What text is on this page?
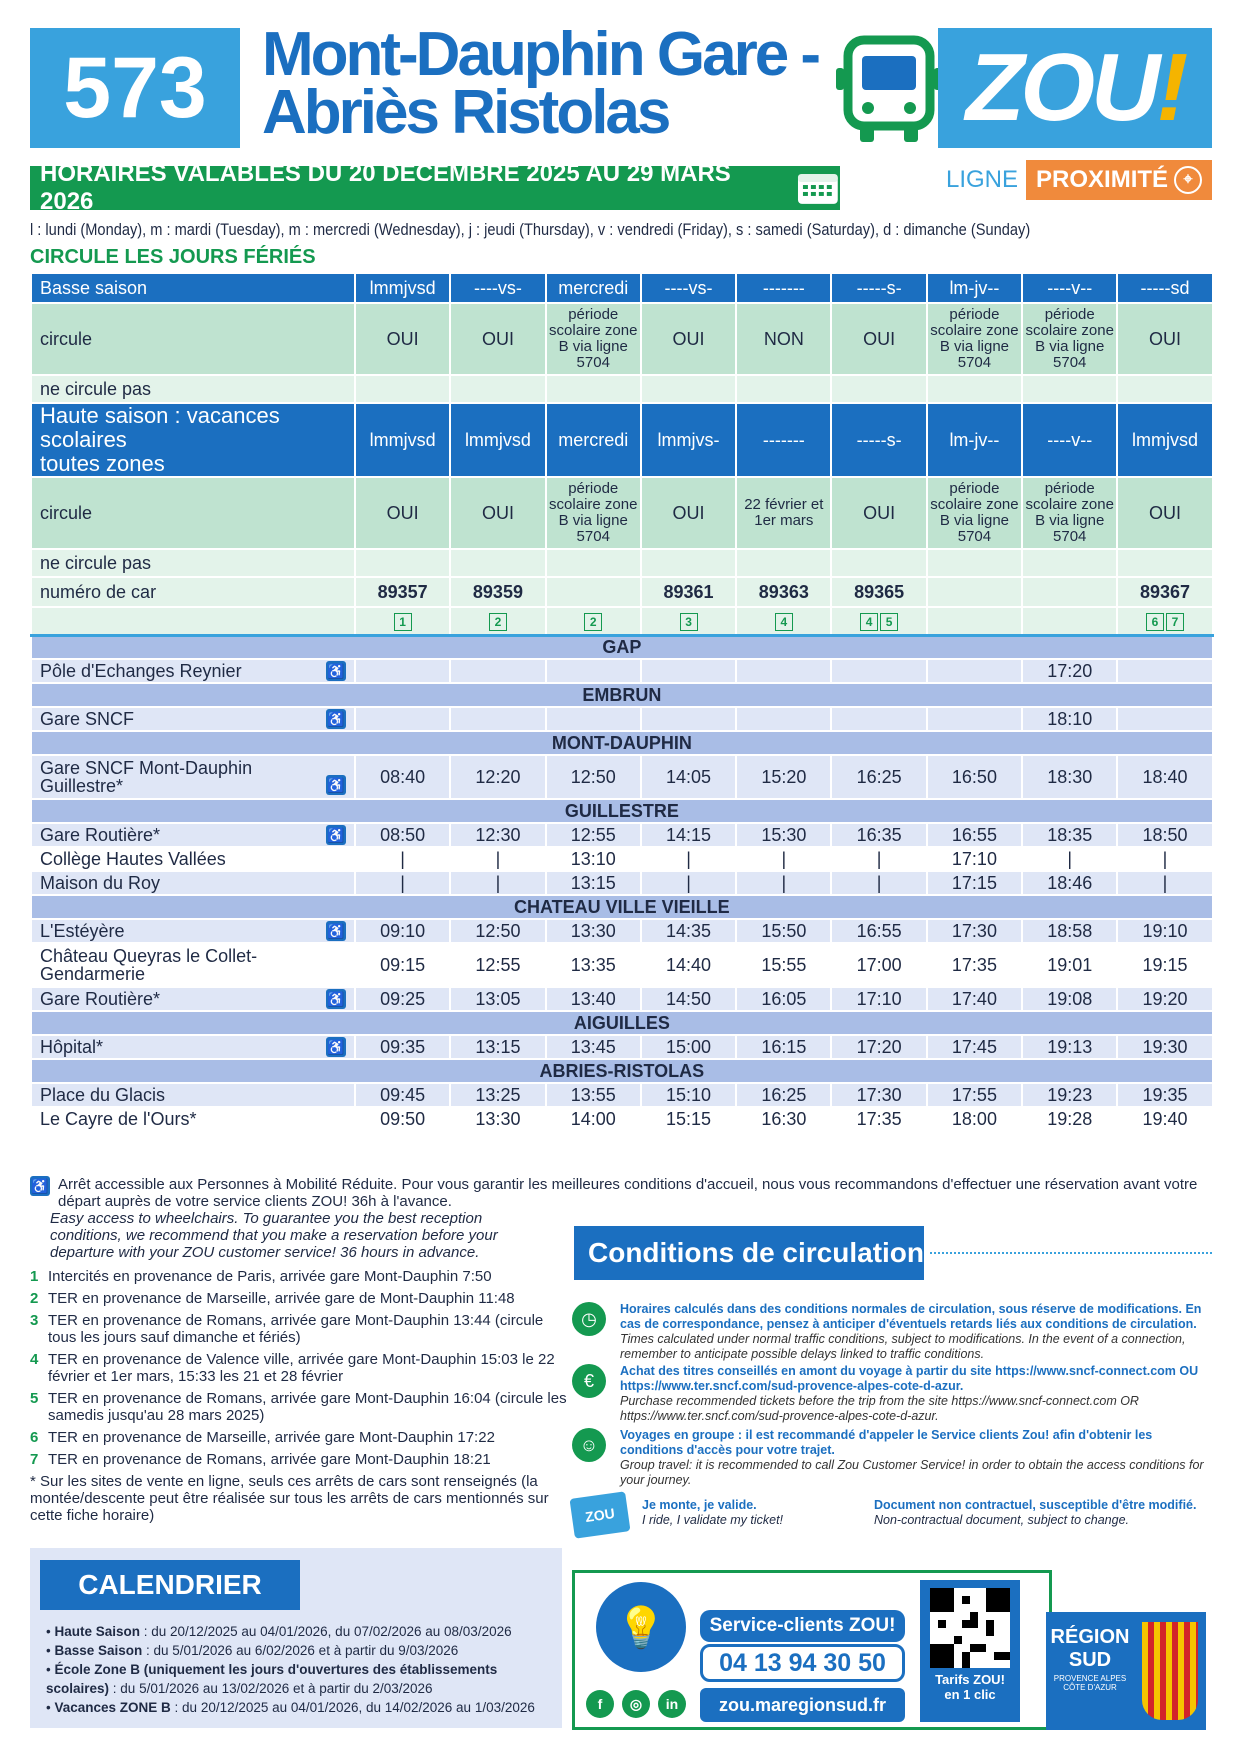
573 Mont-Dauphin Gare -
Abriès Ristolas	ZOU !
LIGNE PROXIMITÉ ⌖
HORAIRES VALABLES DU 20 DECEMBRE 2025 AU 29 MARS 2026
l : lundi (Monday), m : mardi (Tuesday), m : mercredi (Wednesday), j : jeudi (Thursday), v : vendredi (Friday), s : samedi (Saturday), d : dimanche (Sunday)
CIRCULE LES JOURS FÉRIÉS
Basse saison	lmmjvsd	----vs-	mercredi	----vs-	-------	-----s-	lm-jv--	----v--	-----sd
circule	OUI	OUI	période scolaire zone B via ligne 5704	OUI	NON	OUI	période scolaire zone B via ligne 5704	période scolaire zone B via ligne 5704	OUI
ne circule pas									

Haute saison : vacances scolaires
toutes zones	lmmjvsd	lmmjvsd	mercredi	lmmjvs-	-------	-----s-	lm-jv--	----v--	lmmjvsd
circule	OUI	OUI	période scolaire zone B via ligne 5704	OUI	22 février et 1er mars	OUI	période scolaire zone B via ligne 5704	période scolaire zone B via ligne 5704	OUI
ne circule pas									
numéro de car	89357	89359		89361	89363	89365			89367
	1	2	2	3	4	4 5			6 7
GAP									

Pôle d'Echanges Reynier ♿								17:20	
EMBRUN									

Gare SNCF ♿								18:10	
MONT-DAUPHIN									

Gare SNCF Mont-Dauphin Guillestre* ♿	08:40	12:20	12:50	14:05	15:20	16:25	16:50	18:30	18:40
GUILLESTRE									

Gare Routière* ♿	08:50	12:30	12:55	14:15	15:30	16:35	16:55	18:35	18:50

Collège Hautes Vallées	|	|	13:10	|	|	|	17:10	|	|

Maison du Roy	|	|	13:15	|	|	|	17:15	18:46	|
CHATEAU VILLE VIEILLE									

L'Estéyère ♿	09:10	12:50	13:30	14:35	15:50	16:55	17:30	18:58	19:10

Château Queyras le Collet-Gendarmerie	09:15	12:55	13:35	14:40	15:55	17:00	17:35	19:01	19:15

Gare Routière* ♿	09:25	13:05	13:40	14:50	16:05	17:10	17:40	19:08	19:20
AIGUILLES									

Hôpital* ♿	09:35	13:15	13:45	15:00	16:15	17:20	17:45	19:13	19:30
ABRIES-RISTOLAS									

Place du Glacis	09:45	13:25	13:55	15:10	16:25	17:30	17:55	19:23	19:35

Le Cayre de l'Ours*	09:50	13:30	14:00	15:15	16:30	17:35	18:00	19:28	19:40
♿ Arrêt accessible aux Personnes à Mobilité Réduite. Pour vous garantir les meilleures conditions d'accueil, nous vous recommandons d'effectuer une réservation avant votre départ auprès de votre service clients ZOU! 36h à l'avance.
Easy access to wheelchairs. To guarantee you the best reception conditions, we recommend that you make a reservation before your departure with your ZOU customer service! 36 hours in advance.
1 Intercités en provenance de Paris, arrivée gare Mont-Dauphin 7:50
2 TER en provenance de Marseille, arrivée gare de Mont-Dauphin 11:48
3 TER en provenance de Romans, arrivée gare Mont-Dauphin 13:44 (circule tous les jours sauf dimanche et fériés)
4 TER en provenance de Valence ville, arrivée gare Mont-Dauphin 15:03 le 22 février et 1er mars, 15:33 les 21 et 28 février
5 TER en provenance de Romans, arrivée gare Mont-Dauphin 16:04 (circule les samedis jusqu'au 28 mars 2025)
6 TER en provenance de Marseille, arrivée gare Mont-Dauphin 17:22
7 TER en provenance de Romans, arrivée gare Mont-Dauphin 18:21
* Sur les sites de vente en ligne, seuls ces arrêts de cars sont renseignés (la montée/descente peut être réalisée sur tous les arrêts de cars mentionnés sur cette fiche horaire)
Conditions de circulation
◷	Horaires calculés dans des conditions normales de circulation, sous réserve de modifications. En cas de correspondance, pensez à anticiper d'éventuels retards liés aux conditions de circulation.
Times calculated under normal traffic conditions, subject to modifications. In the event of a connection, remember to anticipate possible delays linked to traffic conditions.
€	Achat des titres conseillés en amont du voyage à partir du site https://www.sncf-connect.com OU https://www.ter.sncf.com/sud-provence-alpes-cote-d-azur.
Purchase recommended tickets before the trip from the site https://www.sncf-connect.com OR https://www.ter.sncf.com/sud-provence-alpes-cote-d-azur.
☺	Voyages en groupe : il est recommandé d'appeler le Service clients Zou! afin d'obtenir les conditions d'accès pour votre trajet.
Group travel: it is recommended to call Zou Customer Service! in order to obtain the access conditions for your journey.
ZOU
Je monte, je valide.
I ride, I validate my ticket!
Document non contractuel, susceptible d'être modifié.
Non-contractual document, subject to change.
CALENDRIER
• Haute Saison : du 20/12/2025 au 04/01/2026, du 07/02/2026 au 08/03/2026
• Basse Saison : du 5/01/2026 au 6/02/2026 et à partir du 9/03/2026
• École Zone B (uniquement les jours d'ouvertures des établissements scolaires) : du 5/01/2026 au 13/02/2026 et à partir du 2/03/2026
• Vacances ZONE B : du 20/12/2025 au 04/01/2026, du 14/02/2026 au 1/03/2026
💡	Service-clients ZOU!
04 13 94 30 50
zou.maregionsud.fr
f	◎	in
Tarifs ZOU!
en 1 clic
RÉGION
SUD
PROVENCE ALPES CÔTE D'AZUR
